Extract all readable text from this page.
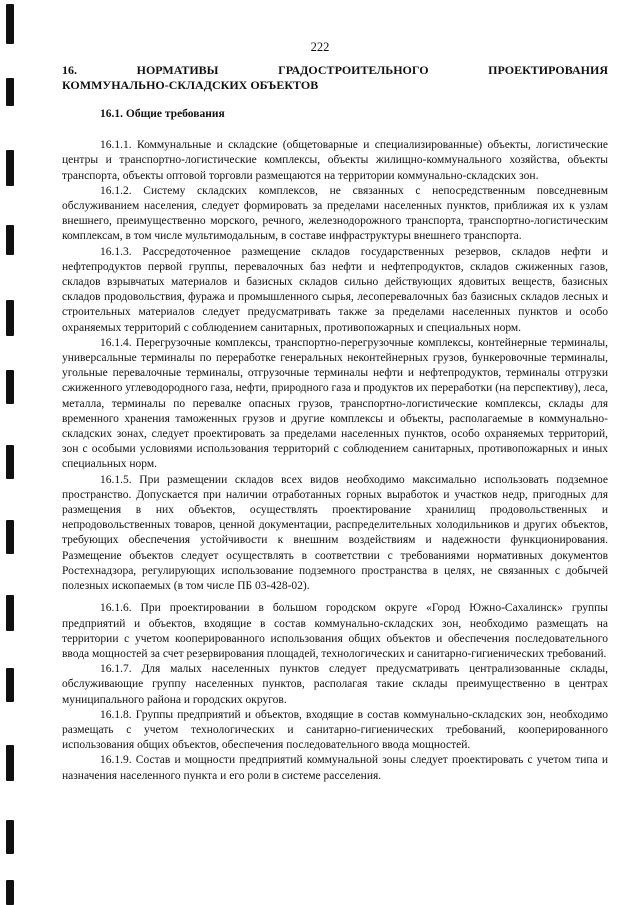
222
16.	НОРМАТИВЫ	ГРАДОСТРОИТЕЛЬНОГО	ПРОЕКТИРОВАНИЯ
КОММУНАЛЬНО-СКЛАДСКИХ ОБЪЕКТОВ
16.1. Общие требования

16.1.1. Коммунальные и складские (общетоварные и специализированные) объекты, логистические центры и транспортно-логистические комплексы, объекты жилищно-коммунального хозяйства, объекты транспорта, объекты оптовой торговли размещаются на территории коммунально-складских зон.

16.1.2. Систему складских комплексов, не связанных с непосредственным повседневным обслуживанием населения, следует формировать за пределами населенных пунктов, приближая их к узлам внешнего, преимущественно морского, речного, железнодорожного транспорта, транспортно-логистическим комплексам, в том числе мультимодальным, в составе инфраструктуры внешнего транспорта.

16.1.3. Рассредоточенное размещение складов государственных резервов, складов нефти и нефтепродуктов первой группы, перевалочных баз нефти и нефтепродуктов, складов сжиженных газов, складов взрывчатых материалов и базисных складов сильно действующих ядовитых веществ, базисных складов продовольствия, фуража и промышленного сырья, лесоперевалочных баз базисных складов лесных и строительных материалов следует предусматривать также за пределами населенных пунктов и особо охраняемых территорий с соблюдением санитарных, противопожарных и специальных норм.

16.1.4. Перегрузочные комплексы, транспортно-перегрузочные комплексы, контейнерные терминалы, универсальные терминалы по переработке генеральных неконтейнерных грузов, бункеровочные терминалы, угольные перевалочные терминалы, отгрузочные терминалы нефти и нефтепродуктов, терминалы отгрузки сжиженного углеводородного газа, нефти, природного газа и продуктов их переработки (на перспективу), леса, металла, терминалы по перевалке опасных грузов, транспортно-логистические комплексы, склады для временного хранения таможенных грузов и другие комплексы и объекты, располагаемые в коммунально-складских зонах, следует проектировать за пределами населенных пунктов, особо охраняемых территорий, зон с особыми условиями использования территорий с соблюдением санитарных, противопожарных и иных специальных норм.

16.1.5. При размещении складов всех видов необходимо максимально использовать подземное пространство. Допускается при наличии отработанных горных выработок и участков недр, пригодных для размещения в них объектов, осуществлять проектирование хранилищ продовольственных и непродовольственных товаров, ценной документации, распределительных холодильников и других объектов, требующих обеспечения устойчивости к внешним воздействиям и надежности функционирования. Размещение объектов следует осуществлять в соответствии с требованиями нормативных документов Ростехнадзора, регулирующих использование подземного пространства в целях, не связанных с добычей полезных ископаемых (в том числе ПБ 03-428-02).

16.1.6. При проектировании в большом городском округе «Город Южно-Сахалинск» группы предприятий и объектов, входящие в состав коммунально-складских зон, необходимо размещать на территории с учетом кооперированного использования общих объектов и обеспечения последовательного ввода мощностей за счет резервирования площадей, технологических и санитарно-гигиенических требований.

16.1.7. Для малых населенных пунктов следует предусматривать централизованные склады, обслуживающие группу населенных пунктов, располагая такие склады преимущественно в центрах муниципального района и городских округов.

16.1.8. Группы предприятий и объектов, входящие в состав коммунально-складских зон, необходимо размещать с учетом технологических и санитарно-гигиенических требований, кооперированного использования общих объектов, обеспечения последовательного ввода мощностей.

16.1.9. Состав и мощности предприятий коммунальной зоны следует проектировать с учетом типа и назначения населенного пункта и его роли в системе расселения.
